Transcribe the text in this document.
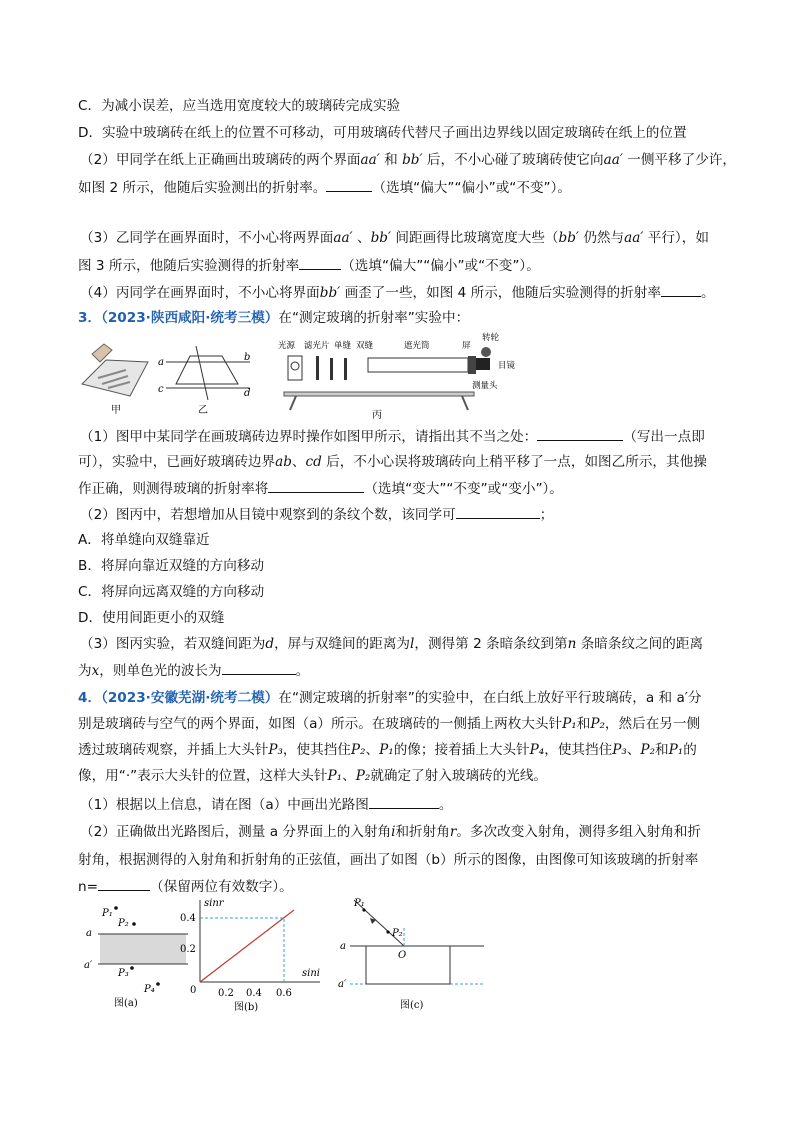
C．为减小误差，应当选用宽度较大的玻璃砖完成实验
D．实验中玻璃砖在纸上的位置不可移动，可用玻璃砖代替尺子画出边界线以固定玻璃砖在纸上的位置
（2）甲同学在纸上正确画出玻璃砖的两个界面aa′ 和 bb′ 后，不小心碰了玻璃砖使它向aa′ 一侧平移了少许，
如图 2 所示，他随后实验测出的折射率。	（选填“偏大”“偏小”或“不变”）。
（3）乙同学在画界面时，不小心将两界面aa′ 、bb′ 间距画得比玻璃宽度大些（bb′ 仍然与aa′ 平行），如
图 3 所示，他随后实验测得的折射率	（选填“偏大”“偏小”或“不变”）。
（4）丙同学在画界面时，不小心将界面bb′ 画歪了一些，如图 4 所示，他随后实验测得的折射率	。
3．（2023·陕西咸阳·统考三模）在“测定玻璃的折射率”实验中：
甲
a	b
c	d
乙
光源 滤光片 单缝 双缝	遮光筒	屏
转轮
目镜
测量头
丙
（1）图甲中某同学在画玻璃砖边界时操作如图甲所示，请指出其不当之处：	（写出一点即
可），实验中，已画好玻璃砖边界ab、cd 后，不小心误将玻璃砖向上稍平移了一点，如图乙所示，其他操
作正确，则测得玻璃的折射率将	（选填“变大”“不变”或“变小”）。
（2）图丙中，若想增加从目镜中观察到的条纹个数，该同学可	；
A．将单缝向双缝靠近
B．将屏向靠近双缝的方向移动
C．将屏向远离双缝的方向移动
D．使用间距更小的双缝
（3）图丙实验，若双缝间距为d，屏与双缝间的距离为l，测得第 2 条暗条纹到第n 条暗条纹之间的距离
为x，则单色光的波长为	。
4．（2023·安徽芜湖·统考二模）在“测定玻璃的折射率”的实验中，在白纸上放好平行玻璃砖，a 和 a′分
别是玻璃砖与空气的两个界面，如图（a）所示。在玻璃砖的一侧插上两枚大头针P₁和P₂，然后在另一侧
透过玻璃砖观察，并插上大头针P₃，使其挡住P₂、P₁的像；接着插上大头针P₄，使其挡住P₃、P₂和P₁的
像，用“·”表示大头针的位置，这样大头针P₁、P₂就确定了射入玻璃砖的光线。
（1）根据以上信息，请在图（a）中画出光路图	。
（2）正确做出光路图后，测量 a 分界面上的入射角i和折射角r。多次改变入射角，测得多组入射角和折
射角，根据测得的入射角和折射角的正弦值，画出了如图（b）所示的图像，由图像可知该玻璃的折射率
n=	（保留两位有效数字）。
a
a′
P₁
P₂
P₃
P₄
图(a)
sinr
sini
0.4
0.2
0 0.2 0.4 0.6
图(b)
P₁
P₂
O
a
a′
图(c)
